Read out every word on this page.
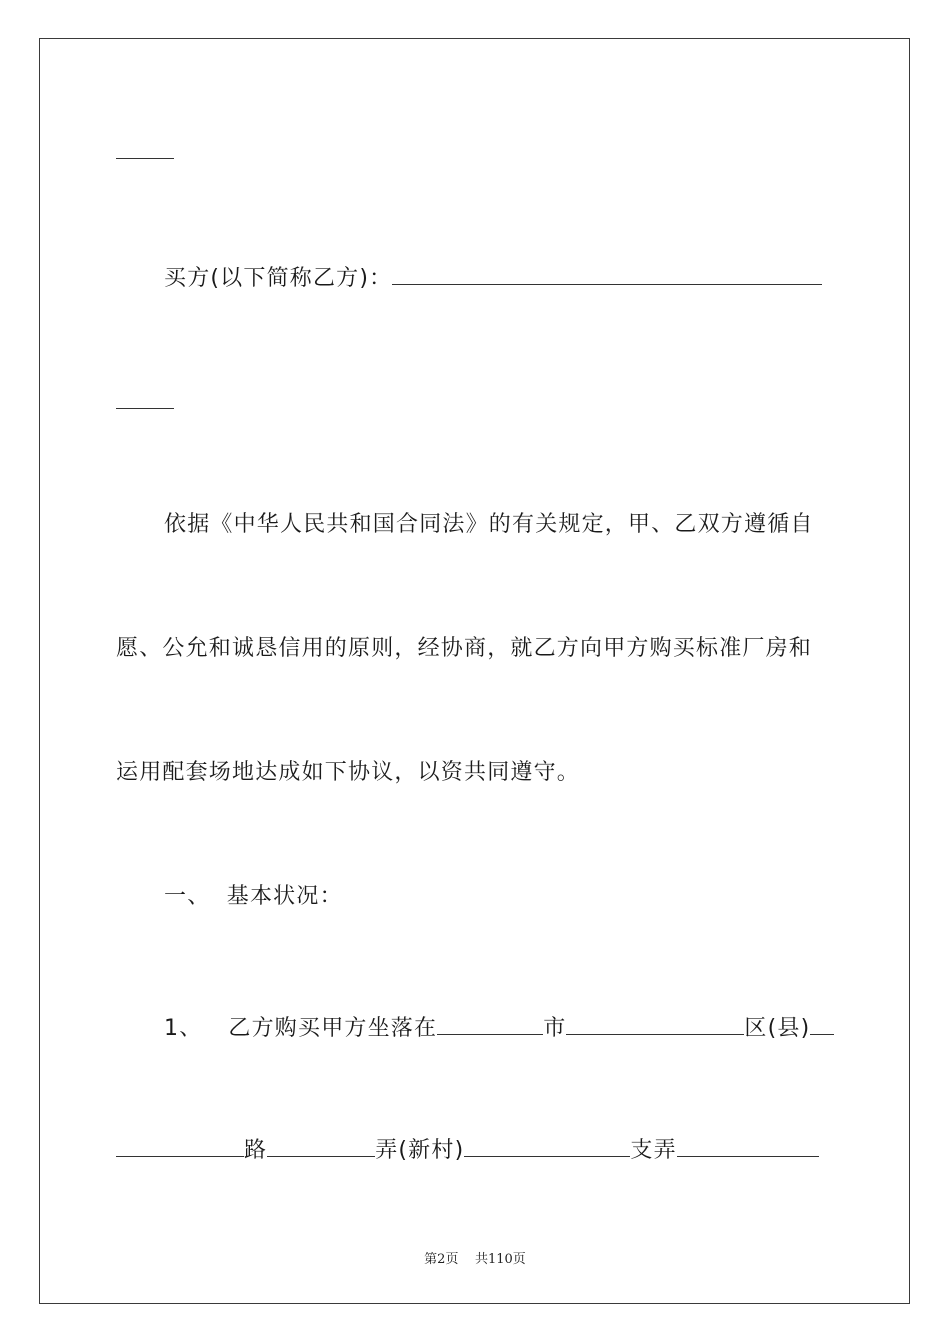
买方(以下简称乙方)：
依据《中华人民共和国合同法》的有关规定，甲、乙双方遵循自
愿、公允和诚恳信用的原则，经协商，就乙方向甲方购买标准厂房和
运用配套场地达成如下协议，以资共同遵守。
一、  基本状况：
1、 乙方购买甲方坐落在	市	区(县)
路	弄(新村)	支弄
第2页 共110页
